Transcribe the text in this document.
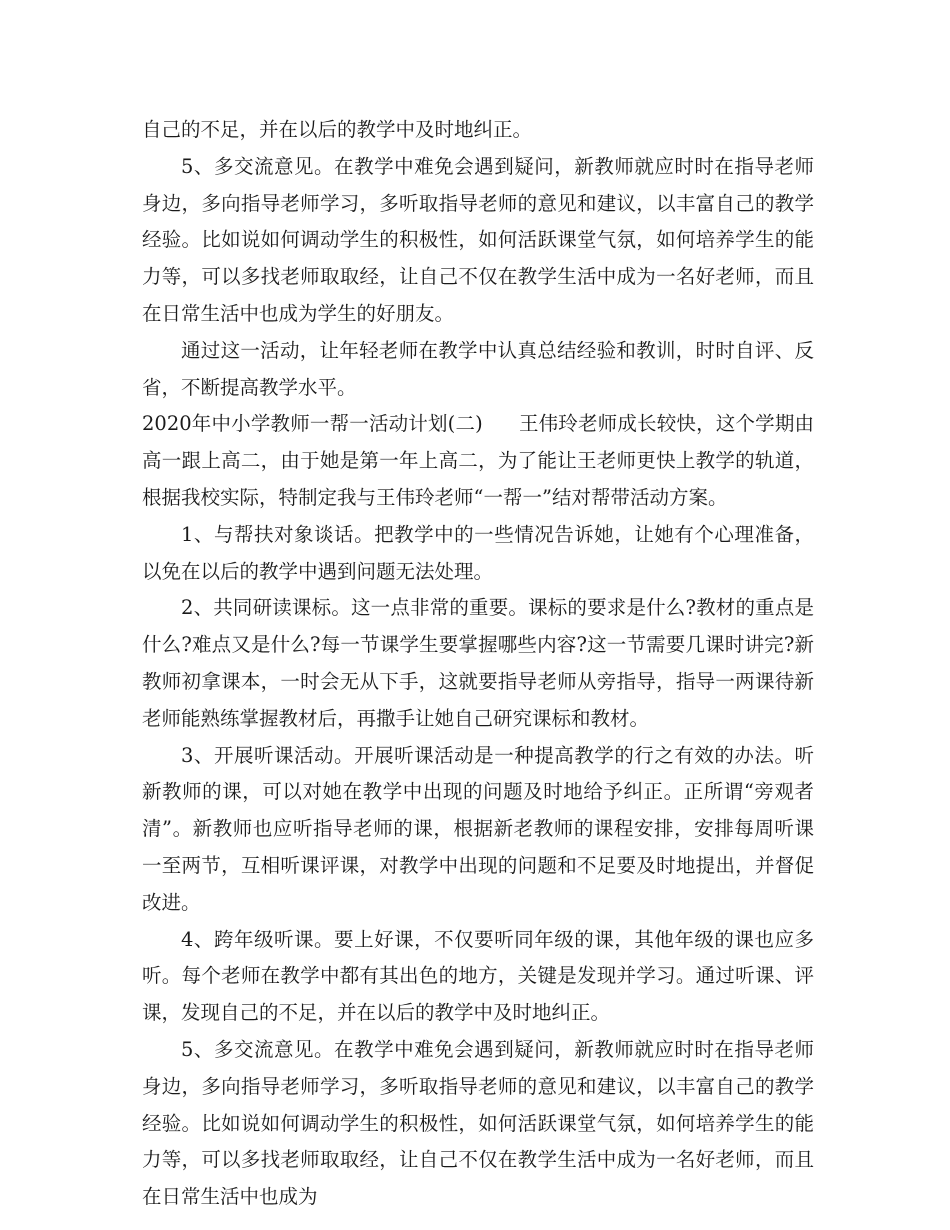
自己的不足，并在以后的教学中及时地纠正。

5、多交流意见。在教学中难免会遇到疑问，新教师就应时时在指导老师身边，多向指导老师学习，多听取指导老师的意见和建议，以丰富自己的教学经验。比如说如何调动学生的积极性，如何活跃课堂气氛，如何培养学生的能力等，可以多找老师取取经，让自己不仅在教学生活中成为一名好老师，而且在日常生活中也成为学生的好朋友。

通过这一活动，让年轻老师在教学中认真总结经验和教训，时时自评、反省，不断提高教学水平。

2020年中小学教师一帮一活动计划(二) 王伟玲老师成长较快，这个学期由高一跟上高二，由于她是第一年上高二，为了能让王老师更快上教学的轨道，根据我校实际，特制定我与王伟玲老师“一帮一”结对帮带活动方案。

1、与帮扶对象谈话。把教学中的一些情况告诉她，让她有个心理准备，以免在以后的教学中遇到问题无法处理。

2、共同研读课标。这一点非常的重要。课标的要求是什么?教材的重点是什么?难点又是什么?每一节课学生要掌握哪些内容?这一节需要几课时讲完?新教师初拿课本，一时会无从下手，这就要指导老师从旁指导，指导一两课待新老师能熟练掌握教材后，再撒手让她自己研究课标和教材。

3、开展听课活动。开展听课活动是一种提高教学的行之有效的办法。听新教师的课，可以对她在教学中出现的问题及时地给予纠正。正所谓“旁观者清”。新教师也应听指导老师的课，根据新老教师的课程安排，安排每周听课一至两节，互相听课评课，对教学中出现的问题和不足要及时地提出，并督促改进。

4、跨年级听课。要上好课，不仅要听同年级的课，其他年级的课也应多听。每个老师在教学中都有其出色的地方，关键是发现并学习。通过听课、评课，发现自己的不足，并在以后的教学中及时地纠正。

5、多交流意见。在教学中难免会遇到疑问，新教师就应时时在指导老师身边，多向指导老师学习，多听取指导老师的意见和建议，以丰富自己的教学经验。比如说如何调动学生的积极性，如何活跃课堂气氛，如何培养学生的能力等，可以多找老师取取经，让自己不仅在教学生活中成为一名好老师，而且在日常生活中也成为
